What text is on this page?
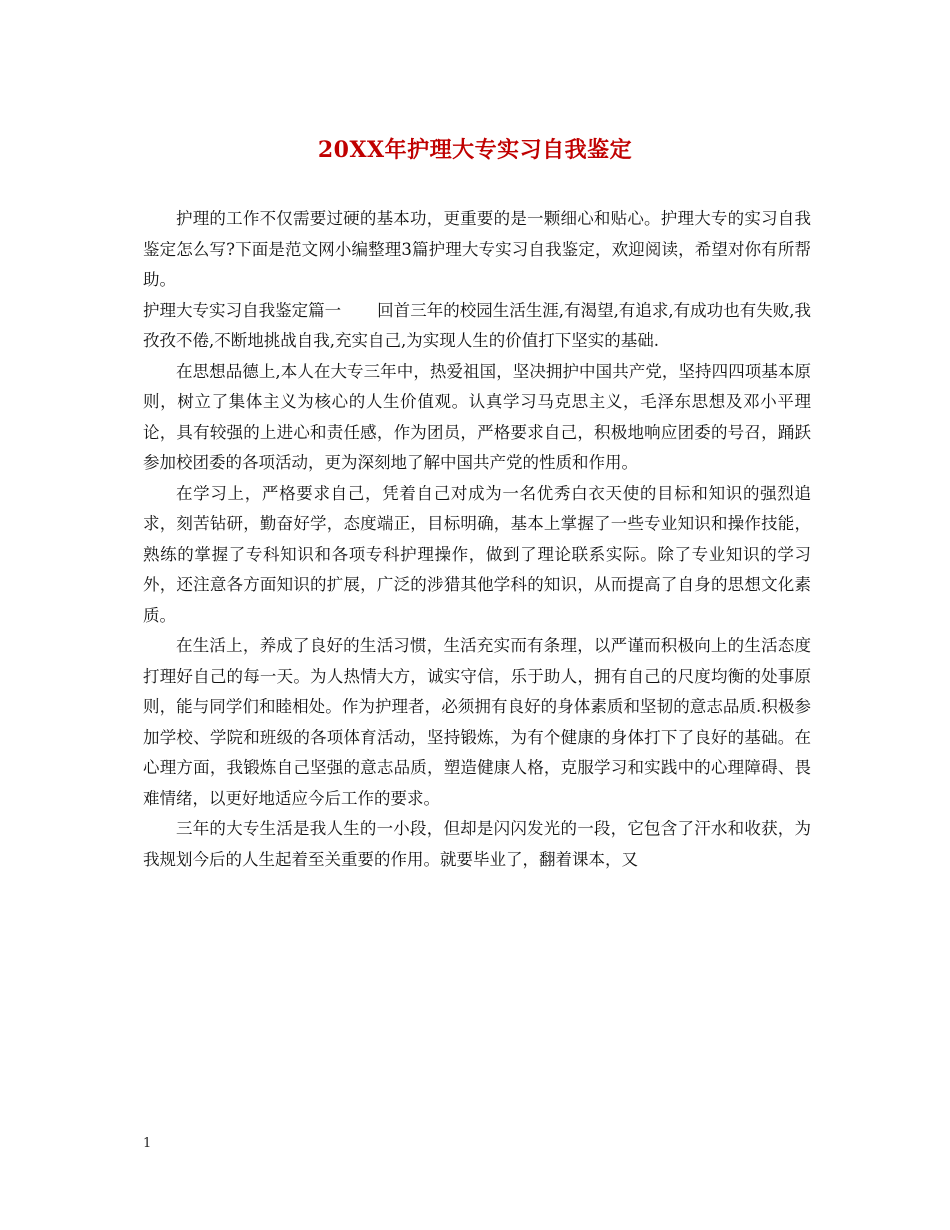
20XX年护理大专实习自我鉴定

护理的工作不仅需要过硬的基本功，更重要的是一颗细心和贴心。护理大专的实习自我鉴定怎么写?下面是范文网小编整理3篇护理大专实习自我鉴定，欢迎阅读，希望对你有所帮助。

护理大专实习自我鉴定篇一 回首三年的校园生活生涯,有渴望,有追求,有成功也有失败,我孜孜不倦,不断地挑战自我,充实自己,为实现人生的价值打下坚实的基础.

在思想品德上,本人在大专三年中，热爱祖国，坚决拥护中国共产党，坚持四四项基本原则，树立了集体主义为核心的人生价值观。认真学习马克思主义，毛泽东思想及邓小平理论，具有较强的上进心和责任感，作为团员，严格要求自己，积极地响应团委的号召，踊跃参加校团委的各项活动，更为深刻地了解中国共产党的性质和作用。

在学习上，严格要求自己，凭着自己对成为一名优秀白衣天使的目标和知识的强烈追求，刻苦钻研，勤奋好学，态度端正，目标明确，基本上掌握了一些专业知识和操作技能，熟练的掌握了专科知识和各项专科护理操作，做到了理论联系实际。除了专业知识的学习外，还注意各方面知识的扩展，广泛的涉猎其他学科的知识，从而提高了自身的思想文化素质。

在生活上，养成了良好的生活习惯，生活充实而有条理，以严谨而积极向上的生活态度打理好自己的每一天。为人热情大方，诚实守信，乐于助人，拥有自己的尺度均衡的处事原则，能与同学们和睦相处。作为护理者，必须拥有良好的身体素质和坚韧的意志品质.积极参加学校、学院和班级的各项体育活动，坚持锻炼，为有个健康的身体打下了良好的基础。在心理方面，我锻炼自己坚强的意志品质，塑造健康人格，克服学习和实践中的心理障碍、畏难情绪，以更好地适应今后工作的要求。

三年的大专生活是我人生的一小段，但却是闪闪发光的一段，它包含了汗水和收获，为我规划今后的人生起着至关重要的作用。就要毕业了，翻着课本，又

1
